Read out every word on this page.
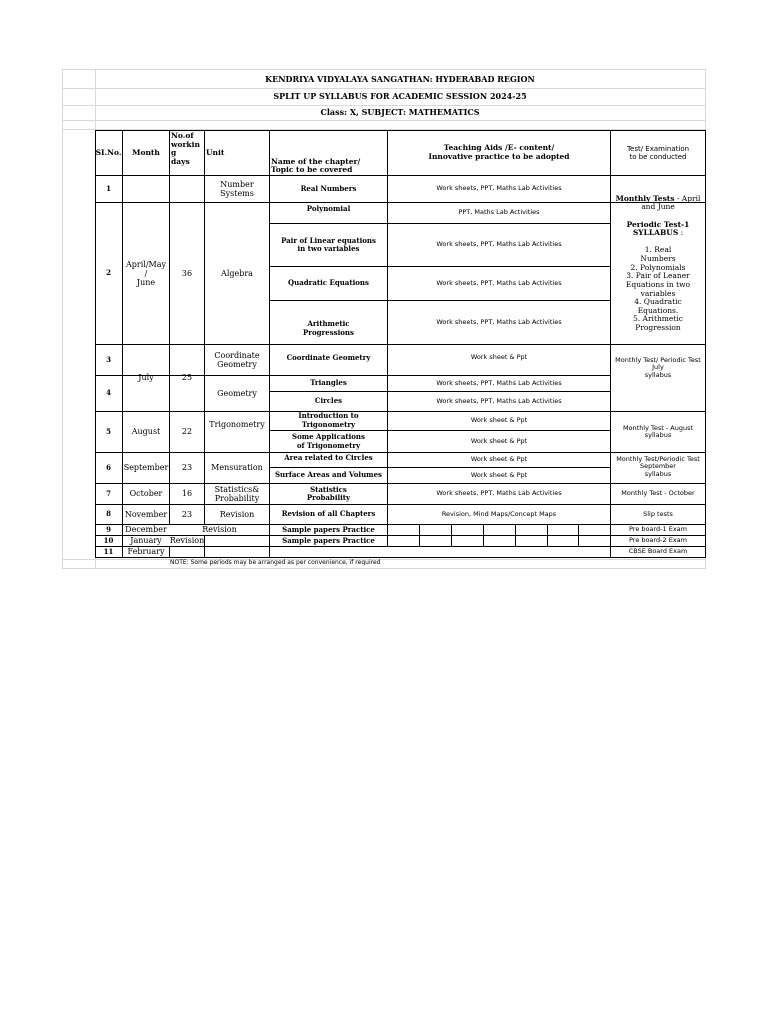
KENDRIYA VIDYALAYA SANGATHAN: HYDERABAD REGION
SPLIT UP SYLLABUS FOR ACADEMIC SESSION 2024-25
Class: X, SUBJECT: MATHEMATICS
SI.No.	Month
No.of
workin
g
days
Unit
Name of the chapter/
Topic to be covered
Teaching Aids /E- content/
Innovative practice to be adopted
Test/ Examination
to be conducted
1
2
3
4
5
6
7
8
9
10
11
April/May
/
June
July
August
September
October
November
December
January
February
36
25
22
23
16
23
Number
Systems
Algebra
Coordinate
Geometry
Geometry
Trigonometry
Mensuration
Statistics&
Probability
Revision
Revision
Revision
Real Numbers
Polynomial
Pair of Linear equations
in two variables
Quadratic Equations
Arithmetic
Progressions
Coordinate Geometry
Triangles
Circles
Introduction to
Trigonometry
Some Applications
of Trigonometry
Area related to Circles
Surface Areas and Volumes
Statistics
Probability
Revision of all Chapters
Sample papers Practice
Sample papers Practice
Work sheets, PPT, Maths Lab Activities
PPT, Maths Lab Activities
Work sheets, PPT, Maths Lab Activities
Work sheets, PPT, Maths Lab Activities
Work sheets, PPT, Maths Lab Activities
Work sheet & Ppt
Work sheets, PPT, Maths Lab Activities
Work sheets, PPT, Maths Lab Activities
Work sheet & Ppt
Work sheet & Ppt
Work sheet & Ppt
Work sheet & Ppt
Work sheets, PPT, Maths Lab Activities
Revision, Mind Maps/Concept Maps

Monthly Tests - April
and June

Periodic Test-1
SYLLABUS :

1. Real
Numbers
2. Polynomials
3. Pair of Leaner
Equations in two
variables
4. Quadratic
Equations.
5. Arithmetic
Progression

Monthly Test/ Periodic Test
July
syllabus
Monthly Test - August
syllabus
Monthly Test/Periodic Test
September
syllabus
Monthly Test - October
Slip tests
Pre board-1 Exam
Pre board-2 Exam
CBSE Board Exam
NOTE: Some periods may be arranged as per convenience, if required
